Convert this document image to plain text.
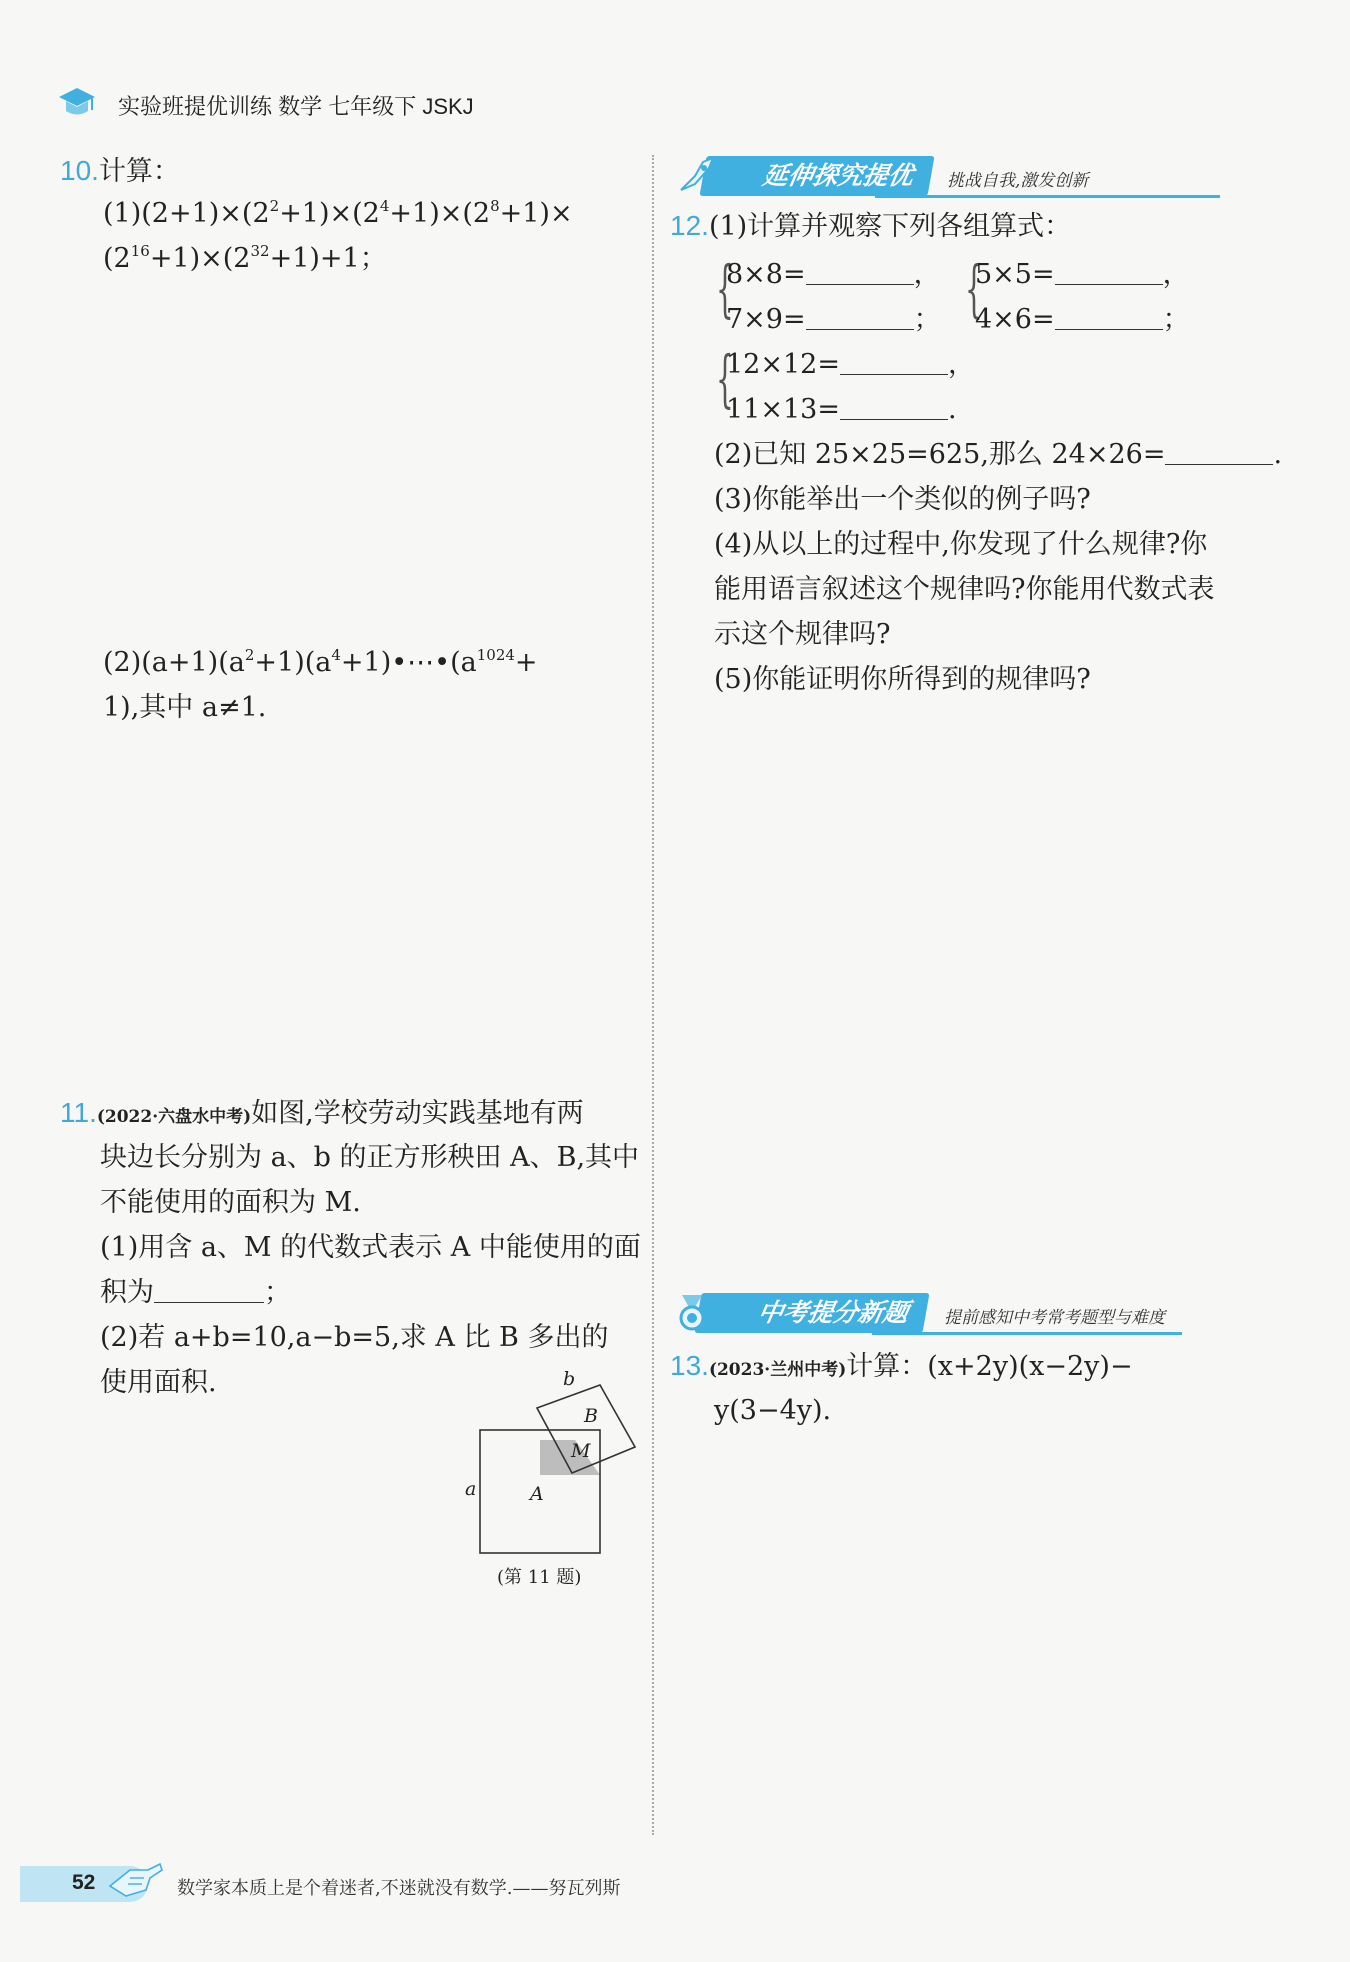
实验班提优训练 数学 七年级下 JSKJ
10.计算：
$(1)(2+1)\times(2^2+1)\times(2^4+1)\times(2^8+1)\times$
$(2^{16}+1)\times(2^{32}+1)+1$；
$(2)(a+1)(a^2+1)(a^4+1)•\cdots•(a^{1024}+$
1),其中 a≠1.
11.(2022·六盘水中考)如图,学校劳动实践基地有两
块边长分别为 a、b 的正方形秧田 A、B,其中
不能使用的面积为 M.
(1)用含 a、M 的代数式表示 A 中能使用的面
积为	；
(2)若 a+b=10,a−b=5,求 A 比 B 多出的
使用面积.	b
B
M
a	A
(第 11 题)
延伸探究提优	挑战自我,激发创新
12.(1)计算并观察下列各组算式：
{
8×8=	，
7×9=	； {
5×5=	，
4×6=	；
{
12×12=	，
11×13=	.
(2)已知 25×25=625,那么 24×26=	.
(3)你能举出一个类似的例子吗?
(4)从以上的过程中,你发现了什么规律?你
能用语言叙述这个规律吗?你能用代数式表
示这个规律吗?
(5)你能证明你所得到的规律吗?
中考提分新题	提前感知中考常考题型与难度
13.(2023·兰州中考)计算：(x+2y)(x−2y)−
y(3−4y).
52	数学家本质上是个着迷者,不迷就没有数学.——努瓦列斯
